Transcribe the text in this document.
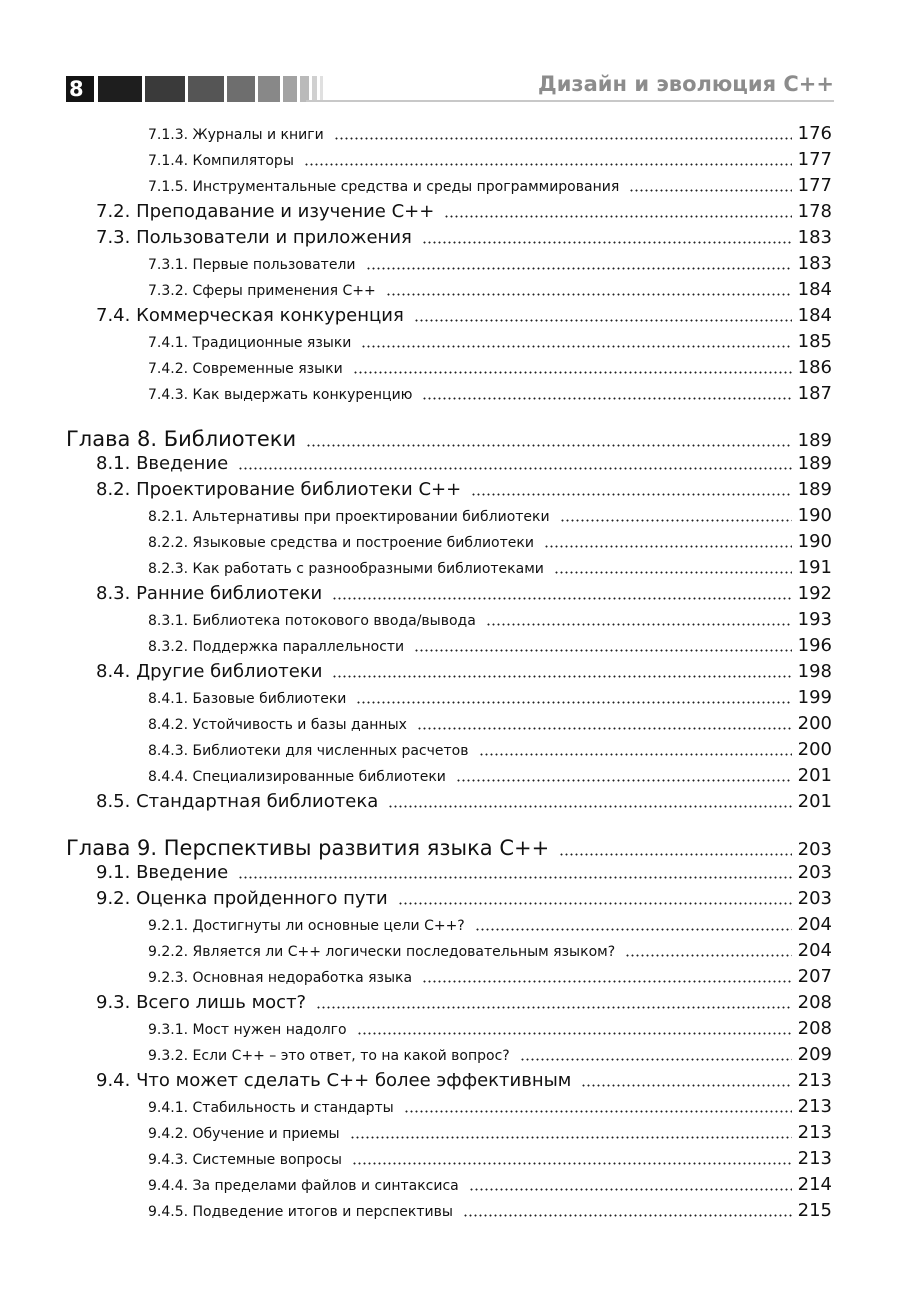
8	Дизайн и эволюция C++
7.1.3. Журналы и книги	176
7.1.4. Компиляторы	177
7.1.5. Инструментальные средства и среды программирования	177
7.2. Преподавание и изучение C++	178
7.3. Пользователи и приложения	183
7.3.1. Первые пользователи	183
7.3.2. Сферы применения C++	184
7.4. Коммерческая конкуренция	184
7.4.1. Традиционные языки	185
7.4.2. Современные языки	186
7.4.3. Как выдержать конкуренцию	187
Глава 8. Библиотеки	189
8.1. Введение	189
8.2. Проектирование библиотеки C++	189
8.2.1. Альтернативы при проектировании библиотеки	190
8.2.2. Языковые средства и построение библиотеки	190
8.2.3. Как работать с разнообразными библиотеками	191
8.3. Ранние библиотеки	192
8.3.1. Библиотека потокового ввода/вывода	193
8.3.2. Поддержка параллельности	196
8.4. Другие библиотеки	198
8.4.1. Базовые библиотеки	199
8.4.2. Устойчивость и базы данных	200
8.4.3. Библиотеки для численных расчетов	200
8.4.4. Специализированные библиотеки	201
8.5. Стандартная библиотека	201
Глава 9. Перспективы развития языка C++	203
9.1. Введение	203
9.2. Оценка пройденного пути	203
9.2.1. Достигнуты ли основные цели C++?	204
9.2.2. Является ли C++ логически последовательным языком?	204
9.2.3. Основная недоработка языка	207
9.3. Всего лишь мост?	208
9.3.1. Мост нужен надолго	208
9.3.2. Если C++ – это ответ, то на какой вопрос?	209
9.4. Что может сделать C++ более эффективным	213
9.4.1. Стабильность и стандарты	213
9.4.2. Обучение и приемы	213
9.4.3. Системные вопросы	213
9.4.4. За пределами файлов и синтаксиса	214
9.4.5. Подведение итогов и перспективы	215
